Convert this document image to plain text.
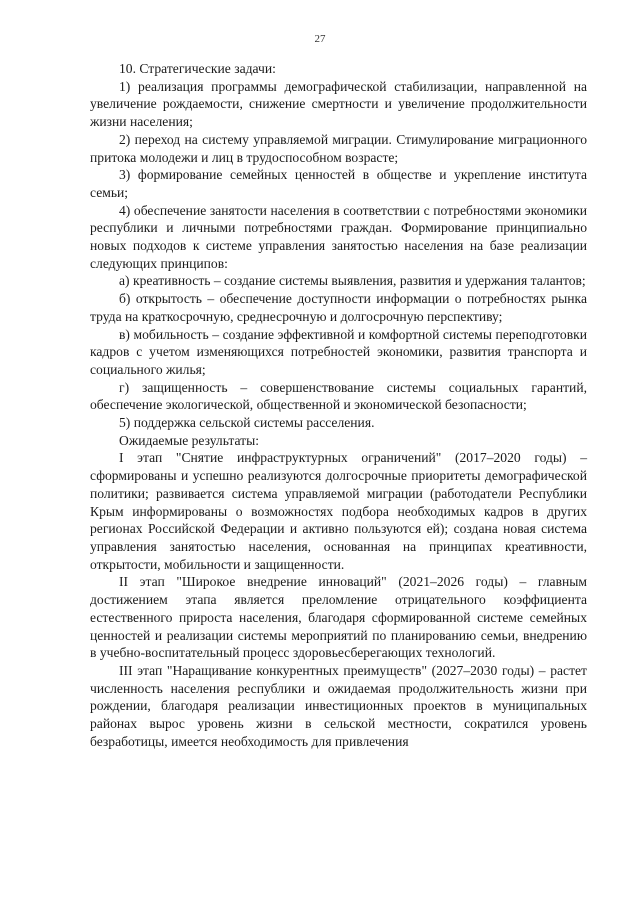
27

10. Стратегические задачи:

1) реализация программы демографической стабилизации, направленной на увеличение рождаемости, снижение смертности и увеличение продолжительности жизни населения;

2) переход на систему управляемой миграции. Стимулирование миграционного притока молодежи и лиц в трудоспособном возрасте;

3) формирование семейных ценностей в обществе и укрепление института семьи;

4) обеспечение занятости населения в соответствии с потребностями экономики республики и личными потребностями граждан. Формирование принципиально новых подходов к системе управления занятостью населения на базе реализации следующих принципов:

а) креативность – создание системы выявления, развития и удержания талантов;

б) открытость – обеспечение доступности информации о потребностях рынка труда на краткосрочную, среднесрочную и долгосрочную перспективу;

в) мобильность – создание эффективной и комфортной системы переподготовки кадров с учетом изменяющихся потребностей экономики, развития транспорта и социального жилья;

г) защищенность – совершенствование системы социальных гарантий, обеспечение экологической, общественной и экономической безопасности;

5) поддержка сельской системы расселения.

Ожидаемые результаты:

I этап "Снятие инфраструктурных ограничений" (2017–2020 годы) – сформированы и успешно реализуются долгосрочные приоритеты демографической политики; развивается система управляемой миграции (работодатели Республики Крым информированы о возможностях подбора необходимых кадров в других регионах Российской Федерации и активно пользуются ей); создана новая система управления занятостью населения, основанная на принципах креативности, открытости, мобильности и защищенности.

II этап "Широкое внедрение инноваций" (2021–2026 годы) – главным достижением этапа является преломление отрицательного коэффициента естественного прироста населения, благодаря сформированной системе семейных ценностей и реализации системы мероприятий по планированию семьи, внедрению в учебно-воспитательный процесс здоровьесберегающих технологий.

III этап "Наращивание конкурентных преимуществ" (2027–2030 годы) – растет численность населения республики и ожидаемая продолжительность жизни при рождении, благодаря реализации инвестиционных проектов в муниципальных районах вырос уровень жизни в сельской местности, сократился уровень безработицы, имеется необходимость для привлечения
